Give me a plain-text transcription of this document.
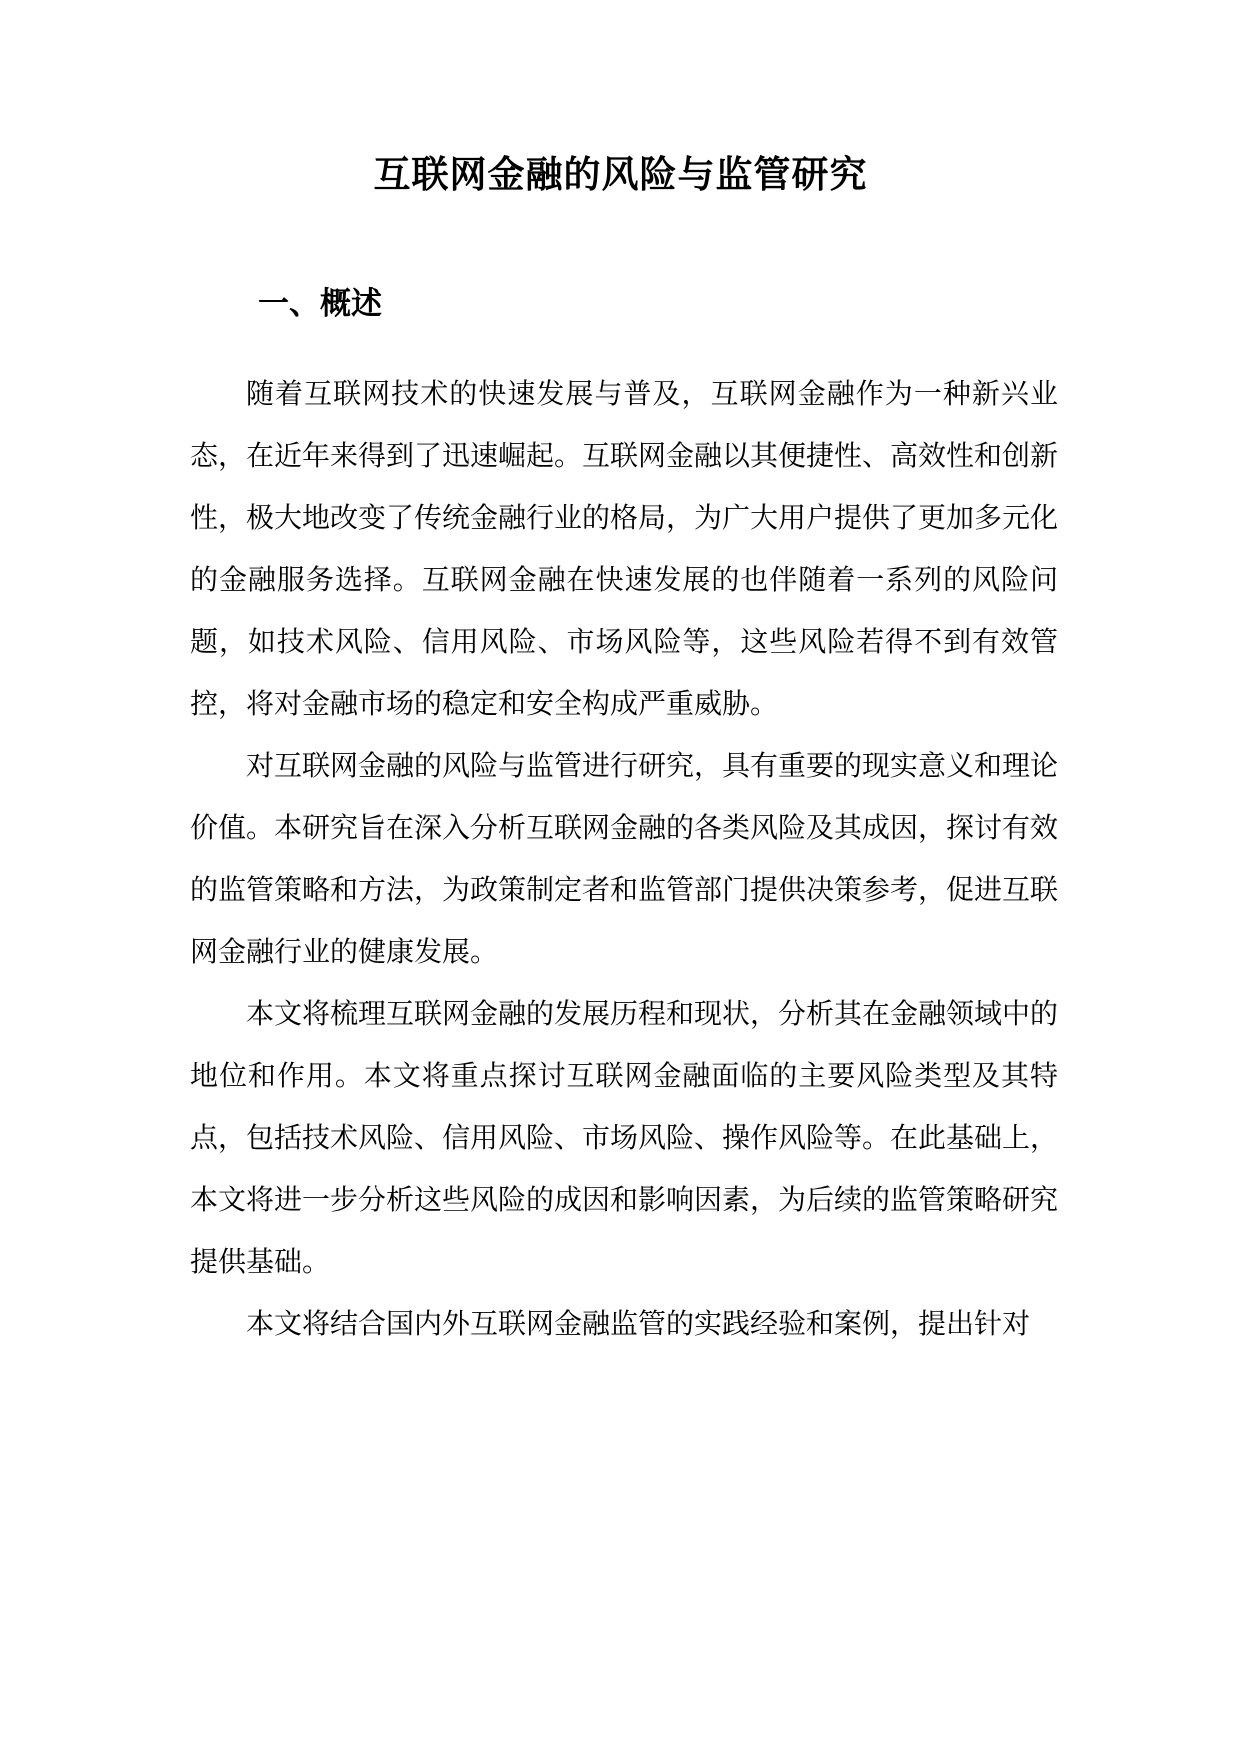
互联网金融的风险与监管研究
一、概述

随着互联网技术的快速发展与普及，互联网金融作为一种新兴业态，在近年来得到了迅速崛起。互联网金融以其便捷性、高效性和创新性，极大地改变了传统金融行业的格局，为广大用户提供了更加多元化的金融服务选择。互联网金融在快速发展的也伴随着一系列的风险问题，如技术风险、信用风险、市场风险等，这些风险若得不到有效管控，将对金融市场的稳定和安全构成严重威胁。

对互联网金融的风险与监管进行研究，具有重要的现实意义和理论价值。本研究旨在深入分析互联网金融的各类风险及其成因，探讨有效的监管策略和方法，为政策制定者和监管部门提供决策参考，促进互联网金融行业的健康发展。

本文将梳理互联网金融的发展历程和现状，分析其在金融领域中的地位和作用。本文将重点探讨互联网金融面临的主要风险类型及其特点，包括技术风险、信用风险、市场风险、操作风险等。在此基础上，本文将进一步分析这些风险的成因和影响因素，为后续的监管策略研究提供基础。

本文将结合国内外互联网金融监管的实践经验和案例，提出针对
